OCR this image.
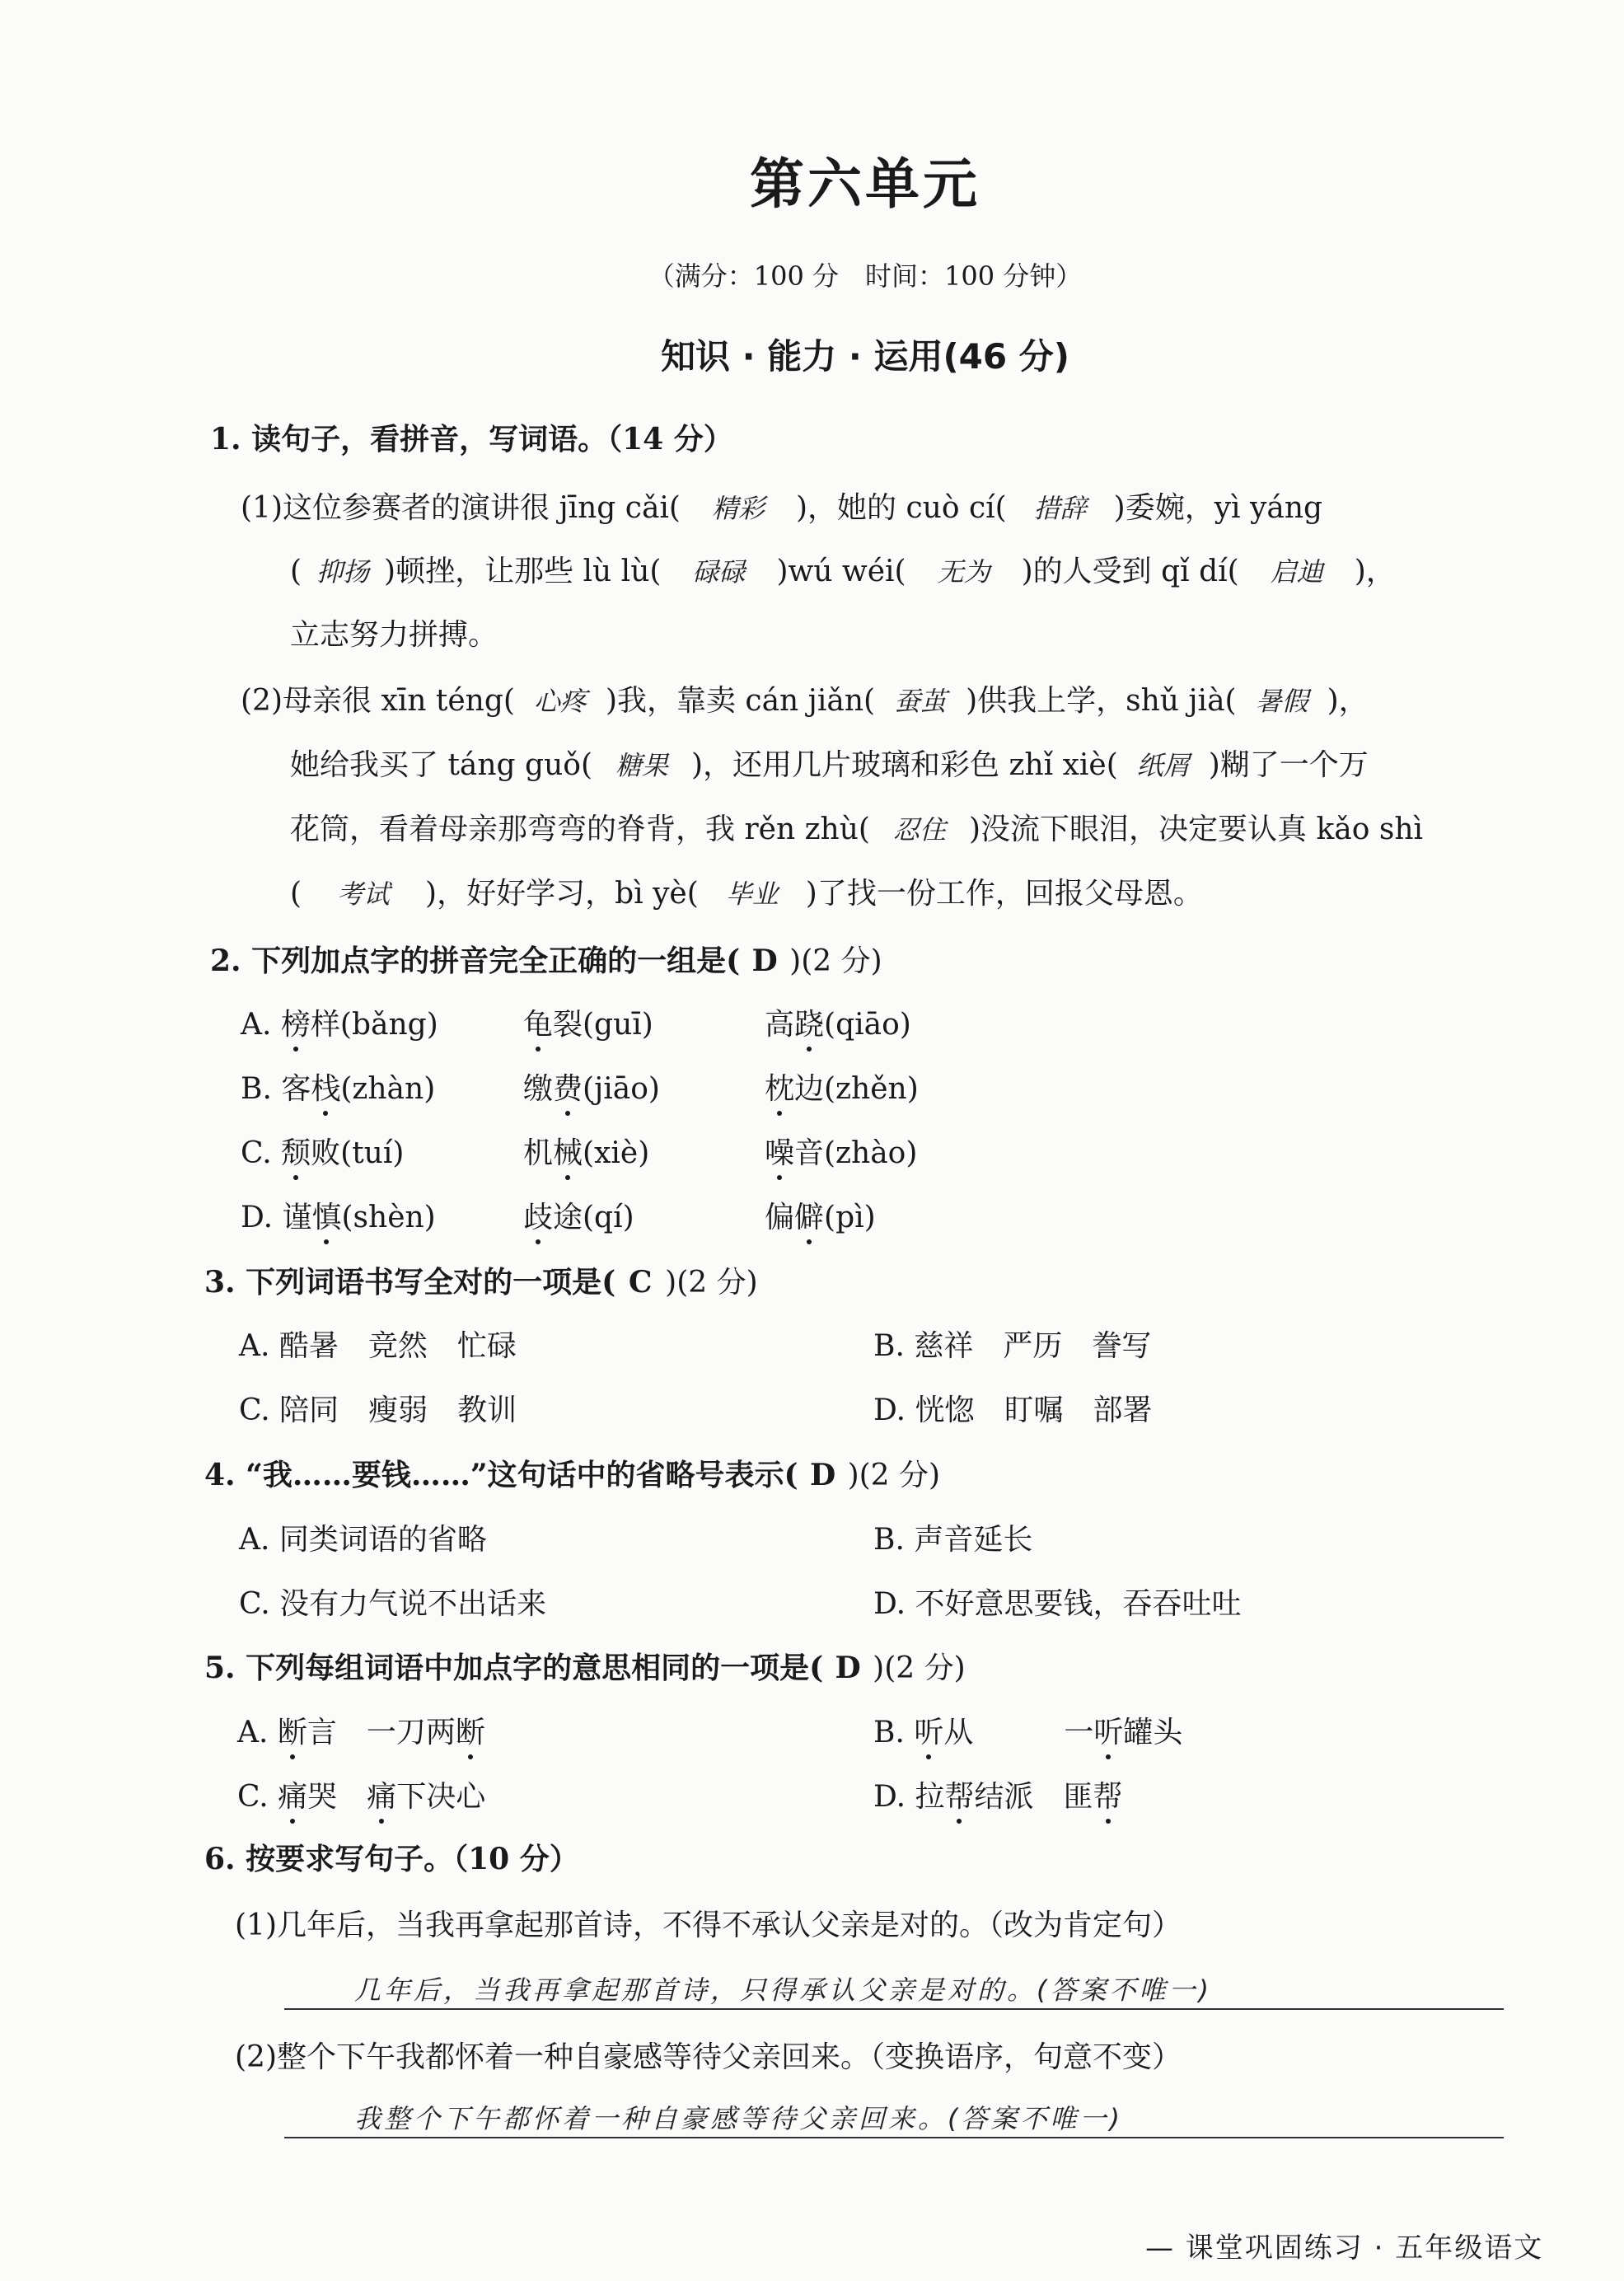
第六单元
（满分：100 分　时间：100 分钟）
知识 · 能力 · 运用(46 分)
1. 读句子，看拼音，写词语。（14 分）
(1)这位参赛者的演讲很 jīng cǎi( 精彩 )，她的 cuò cí( 措辞 )委婉，yì yáng
( 抑扬 )顿挫，让那些 lù lù( 碌碌 )wú wéi( 无为 )的人受到 qǐ dí( 启迪 )，
立志努力拼搏。
(2)母亲很 xīn téng( 心疼 )我，靠卖 cán jiǎn( 蚕茧 )供我上学，shǔ jià( 暑假 )，
她给我买了 táng guǒ( 糖果 )，还用几片玻璃和彩色 zhǐ xiè( 纸屑 )糊了一个万
花筒，看着母亲那弯弯的脊背，我 rěn zhù( 忍住 )没流下眼泪，决定要认真 kǎo shì
( 考试 )，好好学习，bì yè( 毕业 )了找一份工作，回报父母恩。
2. 下列加点字的拼音完全正确的一组是( D )(2 分)
A. 榜样(bǎng)	龟裂(guī)	高跷(qiāo)
B. 客栈(zhàn)	缴费(jiāo)	枕边(zhěn)
C. 颓败(tuí)	机械(xiè)	噪音(zhào)
D. 谨慎(shèn)	歧途(qí)	偏僻(pì)
3. 下列词语书写全对的一项是( C )(2 分)
A. 酷暑　竞然　忙碌	B. 慈祥　严历　誊写
C. 陪同　瘦弱　教训	D. 恍惚　盯嘱　部署
4. “我……要钱……”这句话中的省略号表示( D )(2 分)
A. 同类词语的省略	B. 声音延长
C. 没有力气说不出话来	D. 不好意思要钱，吞吞吐吐
5. 下列每组词语中加点字的意思相同的一项是( D )(2 分)
A. 断言　一刀两断	B. 听从	一听罐头
C. 痛哭　痛下决心	D. 拉帮结派　匪帮
6. 按要求写句子。（10 分）
(1)几年后，当我再拿起那首诗，不得不承认父亲是对的。（改为肯定句）
几年后，当我再拿起那首诗，只得承认父亲是对的。(答案不唯一)
(2)整个下午我都怀着一种自豪感等待父亲回来。（变换语序，句意不变）
我整个下午都怀着一种自豪感等待父亲回来。(答案不唯一)
— 课堂巩固练习 · 五年级语文
